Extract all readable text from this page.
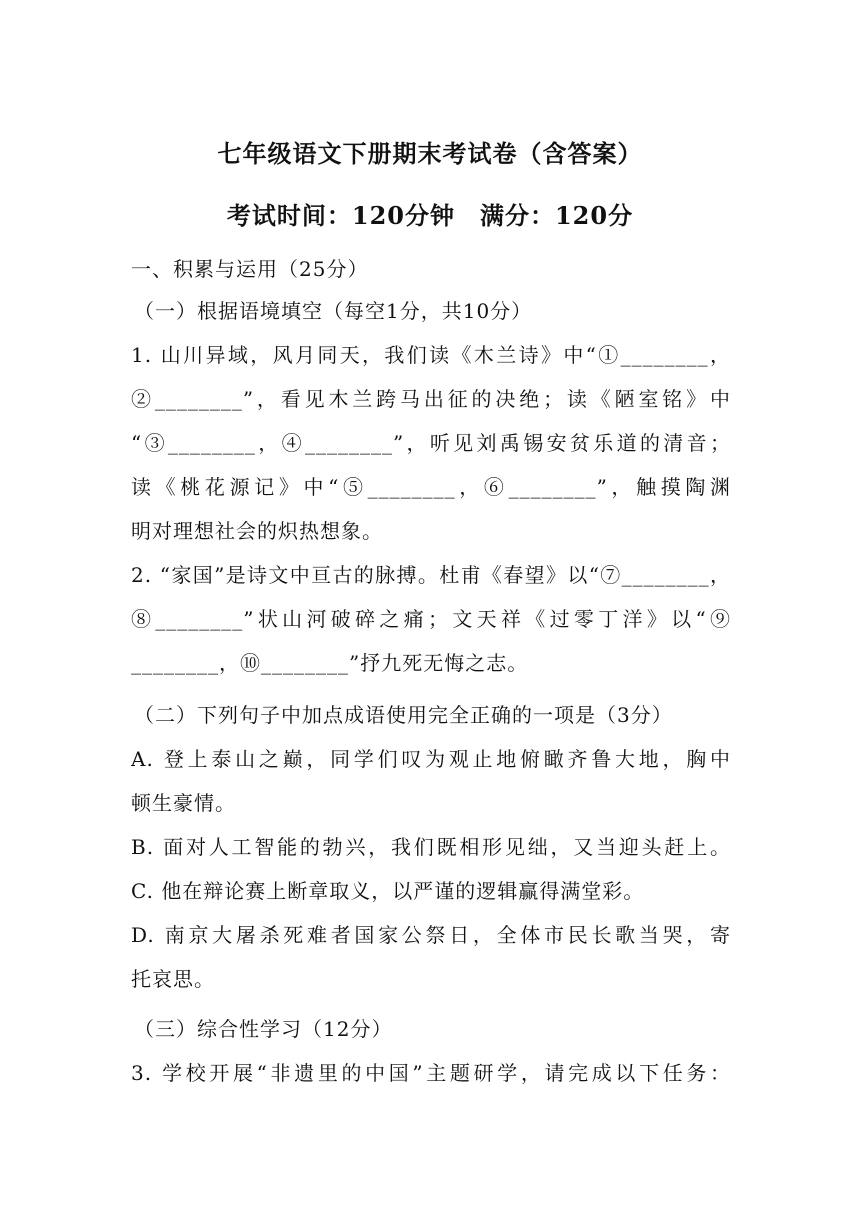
七年级语文下册期末考试卷（含答案）
考试时间：120分钟　满分：120分
一、积累与运用（25分）
（一）根据语境填空（每空1分，共10分）
1. 山川异域，风月同天，我们读《木兰诗》中“①________，
②________”，看见木兰跨马出征的决绝；读《陋室铭》中
“③________，④________”，听见刘禹锡安贫乐道的清音；
读《桃花源记》中“⑤________，⑥________”，触摸陶渊
明对理想社会的炽热想象。
2. “家国”是诗文中亘古的脉搏。杜甫《春望》以“⑦________，
⑧________”状山河破碎之痛；文天祥《过零丁洋》以“⑨
________，⑩________”抒九死无悔之志。
（二）下列句子中加点成语使用完全正确的一项是（3分）
A. 登上泰山之巅，同学们叹为观止地俯瞰齐鲁大地，胸中
顿生豪情。
B. 面对人工智能的勃兴，我们既相形见绌，又当迎头赶上。
C. 他在辩论赛上断章取义，以严谨的逻辑赢得满堂彩。
D. 南京大屠杀死难者国家公祭日，全体市民长歌当哭，寄
托哀思。
（三）综合性学习（12分）
3. 学校开展“非遗里的中国”主题研学，请完成以下任务：
